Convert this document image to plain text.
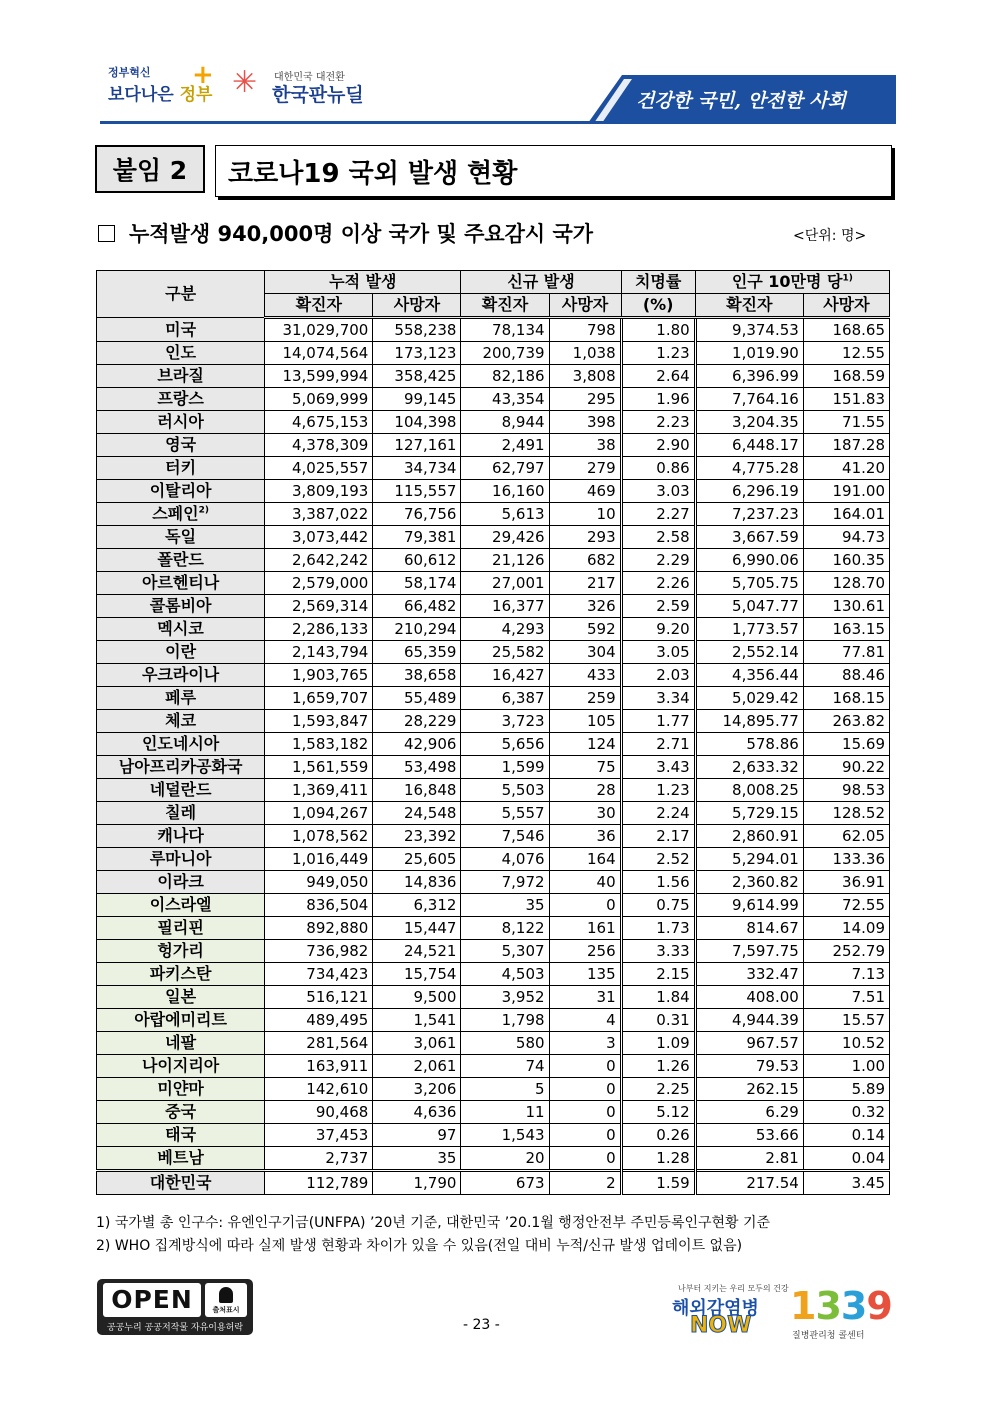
정부혁신
보다나은 정부
+ ✳ 대한민국 대전환
한국판뉴딜	건강한 국민, 안전한 사회
붙임 2	코로나19 국외 발생 현황
누적발생 940,000명 이상 국가 및 주요감시 국가	<단위: 명>
구분	누적 발생		신규 발생		치명률	인구 10만명 당$^{1)}$
	확진자	사망자	확진자	사망자	(%)	확진자	사망자
미국	31,029,700	558,238	78,134	798	1.80	9,374.53	168.65
인도	14,074,564	173,123	200,739	1,038	1.23	1,019.90	12.55
브라질	13,599,994	358,425	82,186	3,808	2.64	6,396.99	168.59
프랑스	5,069,999	99,145	43,354	295	1.96	7,764.16	151.83
러시아	4,675,153	104,398	8,944	398	2.23	3,204.35	71.55
영국	4,378,309	127,161	2,491	38	2.90	6,448.17	187.28
터키	4,025,557	34,734	62,797	279	0.86	4,775.28	41.20
이탈리아	3,809,193	115,557	16,160	469	3.03	6,296.19	191.00
스페인$^{2)}$	3,387,022	76,756	5,613	10	2.27	7,237.23	164.01
독일	3,073,442	79,381	29,426	293	2.58	3,667.59	94.73
폴란드	2,642,242	60,612	21,126	682	2.29	6,990.06	160.35
아르헨티나	2,579,000	58,174	27,001	217	2.26	5,705.75	128.70
콜롬비아	2,569,314	66,482	16,377	326	2.59	5,047.77	130.61
멕시코	2,286,133	210,294	4,293	592	9.20	1,773.57	163.15
이란	2,143,794	65,359	25,582	304	3.05	2,552.14	77.81
우크라이나	1,903,765	38,658	16,427	433	2.03	4,356.44	88.46
페루	1,659,707	55,489	6,387	259	3.34	5,029.42	168.15
체코	1,593,847	28,229	3,723	105	1.77	14,895.77	263.82
인도네시아	1,583,182	42,906	5,656	124	2.71	578.86	15.69
남아프리카공화국	1,561,559	53,498	1,599	75	3.43	2,633.32	90.22
네덜란드	1,369,411	16,848	5,503	28	1.23	8,008.25	98.53
칠레	1,094,267	24,548	5,557	30	2.24	5,729.15	128.52
캐나다	1,078,562	23,392	7,546	36	2.17	2,860.91	62.05
루마니아	1,016,449	25,605	4,076	164	2.52	5,294.01	133.36
이라크	949,050	14,836	7,972	40	1.56	2,360.82	36.91
이스라엘	836,504	6,312	35	0	0.75	9,614.99	72.55
필리핀	892,880	15,447	8,122	161	1.73	814.67	14.09
헝가리	736,982	24,521	5,307	256	3.33	7,597.75	252.79
파키스탄	734,423	15,754	4,503	135	2.15	332.47	7.13
일본	516,121	9,500	3,952	31	1.84	408.00	7.51
아랍에미리트	489,495	1,541	1,798	4	0.31	4,944.39	15.57
네팔	281,564	3,061	580	3	1.09	967.57	10.52
나이지리아	163,911	2,061	74	0	1.26	79.53	1.00
미얀마	142,610	3,206	5	0	2.25	262.15	5.89
중국	90,468	4,636	11	0	5.12	6.29	0.32
태국	37,453	97	1,543	0	0.26	53.66	0.14
베트남	2,737	35	20	0	1.28	2.81	0.04
대한민국	112,789	1,790	673	2	1.59	217.54	3.45
1) 국가별 총 인구수: 유엔인구기금(UNFPA) ’20년 기준, 대한민국 ’20.1월 행정안전부 주민등록인구현황 기준
2) WHO 집계방식에 따라 실제 발생 현황과 차이가 있을 수 있음(전일 대비 누적/신규 발생 업데이트 없음)
OPEN	출처표시
공공누리 공공저작물 자유이용허락	- 23 -
나부터 지키는 우리 모두의 건강
해외감염병
NOW 1339
질병관리청 콜센터
